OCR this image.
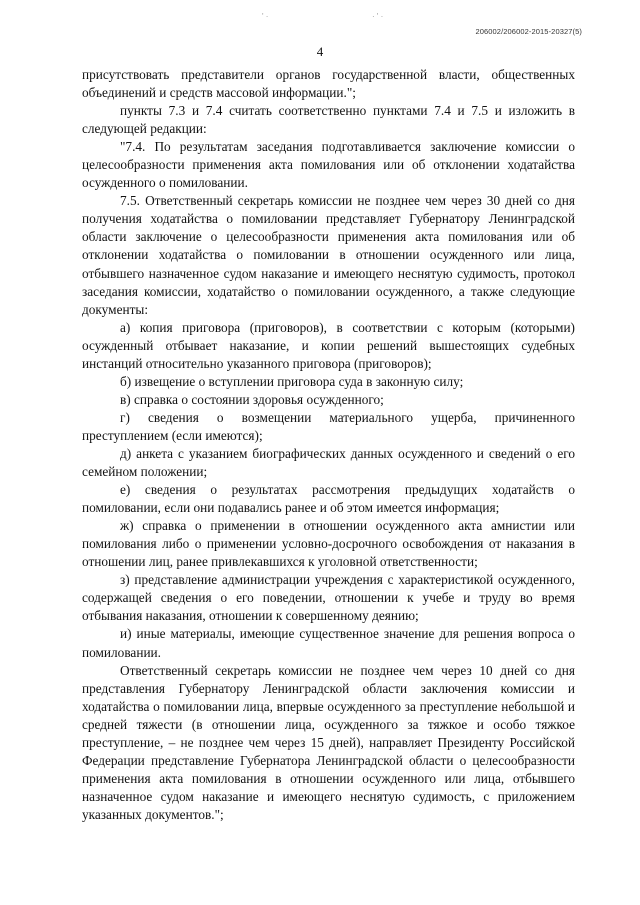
' ·	· ' ·
206002/206002-2015-20327(5)
4

присутствовать представители органов государственной власти, общественных объединений и средств массовой информации.";

пункты 7.3 и 7.4 считать соответственно пунктами 7.4 и 7.5 и изложить в следующей редакции:

"7.4. По результатам заседания подготавливается заключение комиссии о целесообразности применения акта помилования или об отклонении ходатайства осужденного о помиловании.

7.5. Ответственный секретарь комиссии не позднее чем через 30 дней со дня получения ходатайства о помиловании представляет Губернатору Ленинградской области заключение о целесообразности применения акта помилования или об отклонении ходатайства о помиловании в отношении осужденного или лица, отбывшего назначенное судом наказание и имеющего неснятую судимость, протокол заседания комиссии, ходатайство о помиловании осужденного, а также следующие документы:

а) копия приговора (приговоров), в соответствии с которым (которыми) осужденный отбывает наказание, и копии решений вышестоящих судебных инстанций относительно указанного приговора (приговоров);

б) извещение о вступлении приговора суда в законную силу;

в) справка о состоянии здоровья осужденного;

г) сведения о возмещении материального ущерба, причиненного преступлением (если имеются);

д) анкета с указанием биографических данных осужденного и сведений о его семейном положении;

е) сведения о результатах рассмотрения предыдущих ходатайств о помиловании, если они подавались ранее и об этом имеется информация;

ж) справка о применении в отношении осужденного акта амнистии или помилования либо о применении условно-досрочного освобождения от наказания в отношении лиц, ранее привлекавшихся к уголовной ответственности;

з) представление администрации учреждения с характеристикой осужденного, содержащей сведения о его поведении, отношении к учебе и труду во время отбывания наказания, отношении к совершенному деянию;

и) иные материалы, имеющие существенное значение для решения вопроса о помиловании.

Ответственный секретарь комиссии не позднее чем через 10 дней со дня представления Губернатору Ленинградской области заключения комиссии и ходатайства о помиловании лица, впервые осужденного за преступление небольшой и средней тяжести (в отношении лица, осужденного за тяжкое и особо тяжкое преступление, – не позднее чем через 15 дней), направляет Президенту Российской Федерации представление Губернатора Ленинградской области о целесообразности применения акта помилования в отношении осужденного или лица, отбывшего назначенное судом наказание и имеющего неснятую судимость, с приложением указанных документов.";
